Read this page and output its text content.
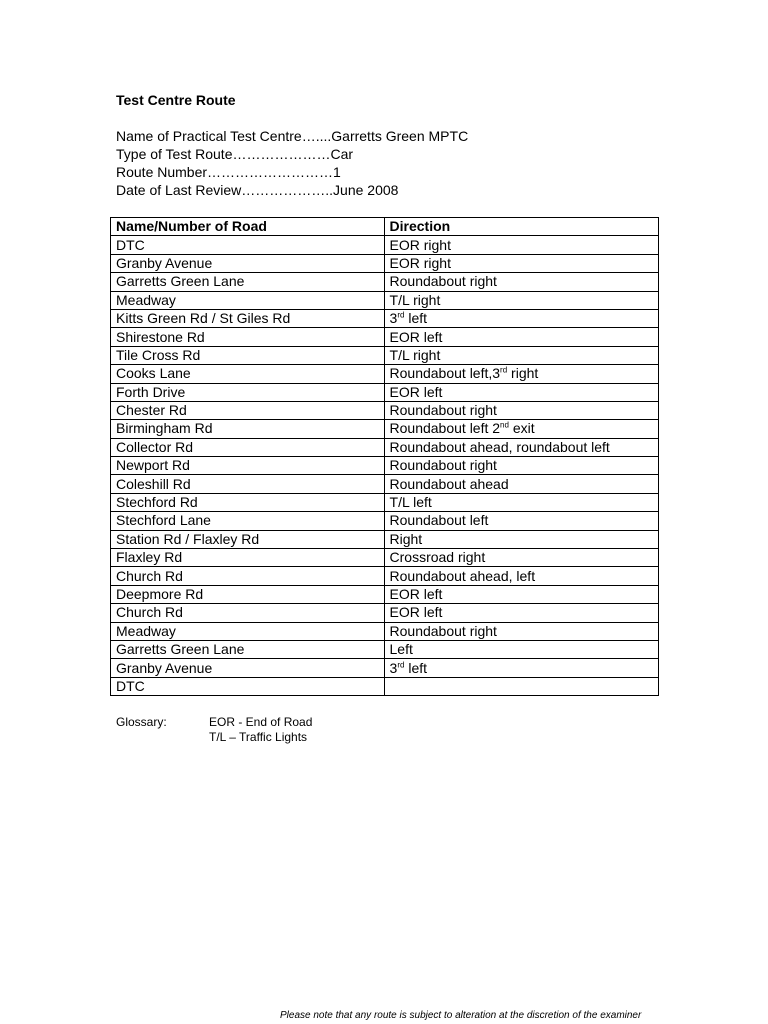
Test Centre Route
Name of Practical Test Centre…....Garretts Green MPTC
Type of Test Route…………………Car
Route Number………………………1
Date of Last Review………………..June 2008
Name/Number of Road	Direction
DTC	EOR right
Granby Avenue	EOR right
Garretts Green Lane	Roundabout right
Meadway	T/L right
Kitts Green Rd / St Giles Rd	3rd left
Shirestone Rd	EOR left
Tile Cross Rd	T/L right
Cooks Lane	Roundabout left,3rd right
Forth Drive	EOR left
Chester Rd	Roundabout right
Birmingham Rd	Roundabout left 2nd exit
Collector Rd	Roundabout ahead, roundabout left
Newport Rd	Roundabout right
Coleshill Rd	Roundabout ahead
Stechford Rd	T/L left
Stechford Lane	Roundabout left
Station Rd / Flaxley Rd	Right
Flaxley Rd	Crossroad right
Church Rd	Roundabout ahead, left
Deepmore Rd	EOR left
Church Rd	EOR left
Meadway	Roundabout right
Garretts Green Lane	Left
Granby Avenue	3rd left
DTC	
Glossary:	EOR - End of Road
T/L – Traffic Lights
Please note that any route is subject to alteration at the discretion of the examiner
